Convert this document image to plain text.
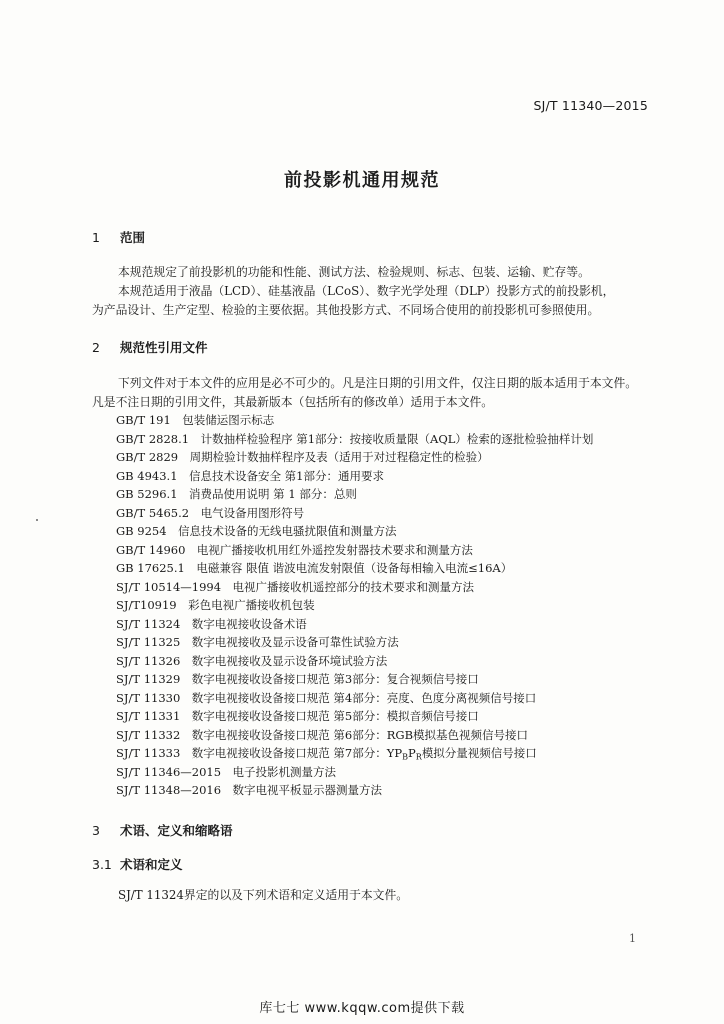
SJ/T 11340—2015
前投影机通用规范
1 范围
本规范规定了前投影机的功能和性能、测试方法、检验规则、标志、包装、运输、贮存等。
本规范适用于液晶（LCD）、硅基液晶（LCoS）、数字光学处理（DLP）投影方式的前投影机，
为产品设计、生产定型、检验的主要依据。其他投影方式、不同场合使用的前投影机可参照使用。
2 规范性引用文件
下列文件对于本文件的应用是必不可少的。凡是注日期的引用文件，仅注日期的版本适用于本文件。
凡是不注日期的引用文件，其最新版本（包括所有的修改单）适用于本文件。
GB/T 191　包装储运图示标志
GB/T 2828.1　计数抽样检验程序 第1部分：按接收质量限（AQL）检索的逐批检验抽样计划
GB/T 2829　周期检验计数抽样程序及表（适用于对过程稳定性的检验）
GB 4943.1　信息技术设备安全 第1部分：通用要求
GB 5296.1　消费品使用说明 第 1 部分：总则
GB/T 5465.2　电气设备用图形符号
GB 9254　信息技术设备的无线电骚扰限值和测量方法
GB/T 14960　电视广播接收机用红外遥控发射器技术要求和测量方法
GB 17625.1　电磁兼容 限值 谐波电流发射限值（设备每相输入电流≤16A）
SJ/T 10514—1994　电视广播接收机遥控部分的技术要求和测量方法
SJ/T10919　彩色电视广播接收机包装
SJ/T 11324　数字电视接收设备术语
SJ/T 11325　数字电视接收及显示设备可靠性试验方法
SJ/T 11326　数字电视接收及显示设备环境试验方法
SJ/T 11329　数字电视接收设备接口规范 第3部分：复合视频信号接口
SJ/T 11330　数字电视接收设备接口规范 第4部分：亮度、色度分离视频信号接口
SJ/T 11331　数字电视接收设备接口规范 第5部分：模拟音频信号接口
SJ/T 11332　数字电视接收设备接口规范 第6部分：RGB模拟基色视频信号接口
SJ/T 11333　数字电视接收设备接口规范 第7部分：$YP_BP_R$模拟分量视频信号接口
SJ/T 11346—2015　电子投影机测量方法
SJ/T 11348—2016　数字电视平板显示器测量方法
3 术语、定义和缩略语
3.1 术语和定义
SJ/T 11324界定的以及下列术语和定义适用于本文件。
1
库七七 www.kqqw.com提供下载
